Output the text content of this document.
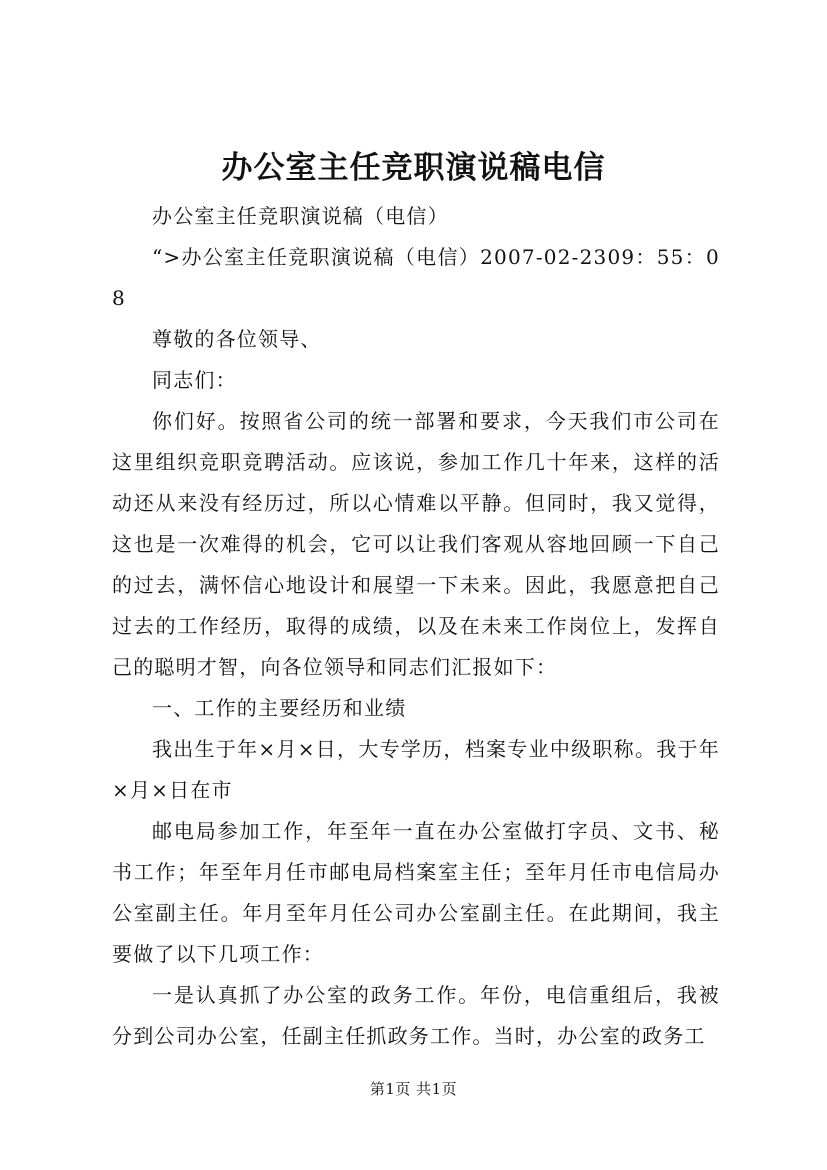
办公室主任竞职演说稿电信

办公室主任竞职演说稿（电信）

“>办公室主任竞职演说稿（电信）2007-02-2309：55：08

尊敬的各位领导、

同志们：

你们好。按照省公司的统一部署和要求，今天我们市公司在这里组织竞职竞聘活动。应该说，参加工作几十年来，这样的活动还从来没有经历过，所以心情难以平静。但同时，我又觉得，这也是一次难得的机会，它可以让我们客观从容地回顾一下自己的过去，满怀信心地设计和展望一下未来。因此，我愿意把自己过去的工作经历，取得的成绩，以及在未来工作岗位上，发挥自己的聪明才智，向各位领导和同志们汇报如下：

一、工作的主要经历和业绩

我出生于年×月×日，大专学历，档案专业中级职称。我于年×月×日在市

邮电局参加工作，年至年一直在办公室做打字员、文书、秘书工作；年至年月任市邮电局档案室主任；至年月任市电信局办公室副主任。年月至年月任公司办公室副主任。在此期间，我主要做了以下几项工作：

一是认真抓了办公室的政务工作。年份，电信重组后，我被分到公司办公室，任副主任抓政务工作。当时，办公室的政务工

第1页 共1页
